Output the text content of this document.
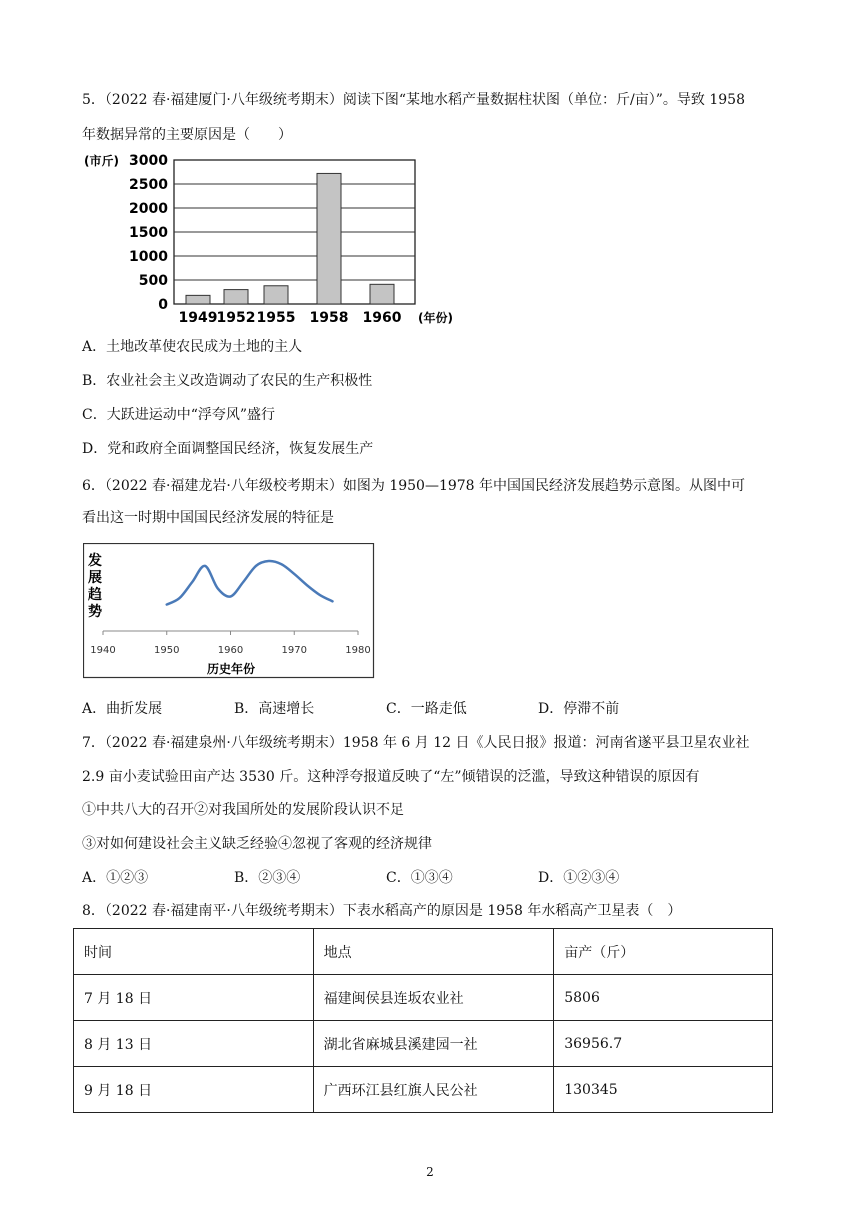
5．（2022 春·福建厦门·八年级统考期末）阅读下图“某地水稻产量数据柱状图（单位：斤/亩）”。导致 1958
年数据异常的主要原因是（　　）
3000
2500
2000
1500
1000
500
0
(市斤)
1949 1952 1955 1958 1960 (年份)
A．土地改革使农民成为土地的主人
B．农业社会主义改造调动了农民的生产积极性
C．大跃进运动中“浮夸风”盛行
D．党和政府全面调整国民经济，恢复发展生产
6．（2022 春·福建龙岩·八年级校考期末）如图为 1950—1978 年中国国民经济发展趋势示意图。从图中可
看出这一时期中国国民经济发展的特征是
1940	1950	1960	1970	1980
发
展
趋
势
历史年份
A．曲折发展	B．高速增长	C．一路走低	D．停滞不前
7．（2022 春·福建泉州·八年级统考期末）1958 年 6 月 12 日《人民日报》报道：河南省遂平县卫星农业社
2.9 亩小麦试验田亩产达 3530 斤。这种浮夸报道反映了“左”倾错误的泛滥，导致这种错误的原因有
①中共八大的召开②对我国所处的发展阶段认识不足
③对如何建设社会主义缺乏经验④忽视了客观的经济规律
A．①②③	B．②③④	C．①③④	D．①②③④
8．（2022 春·福建南平·八年级统考期末）下表水稻高产的原因是 1958 年水稻高产卫星表（　）
时间	地点	亩产（斤）
7 月 18 日	福建闽侯县连坂农业社	5806
8 月 13 日	湖北省麻城县溪建园一社	36956.7
9 月 18 日	广西环江县红旗人民公社	130345
2
